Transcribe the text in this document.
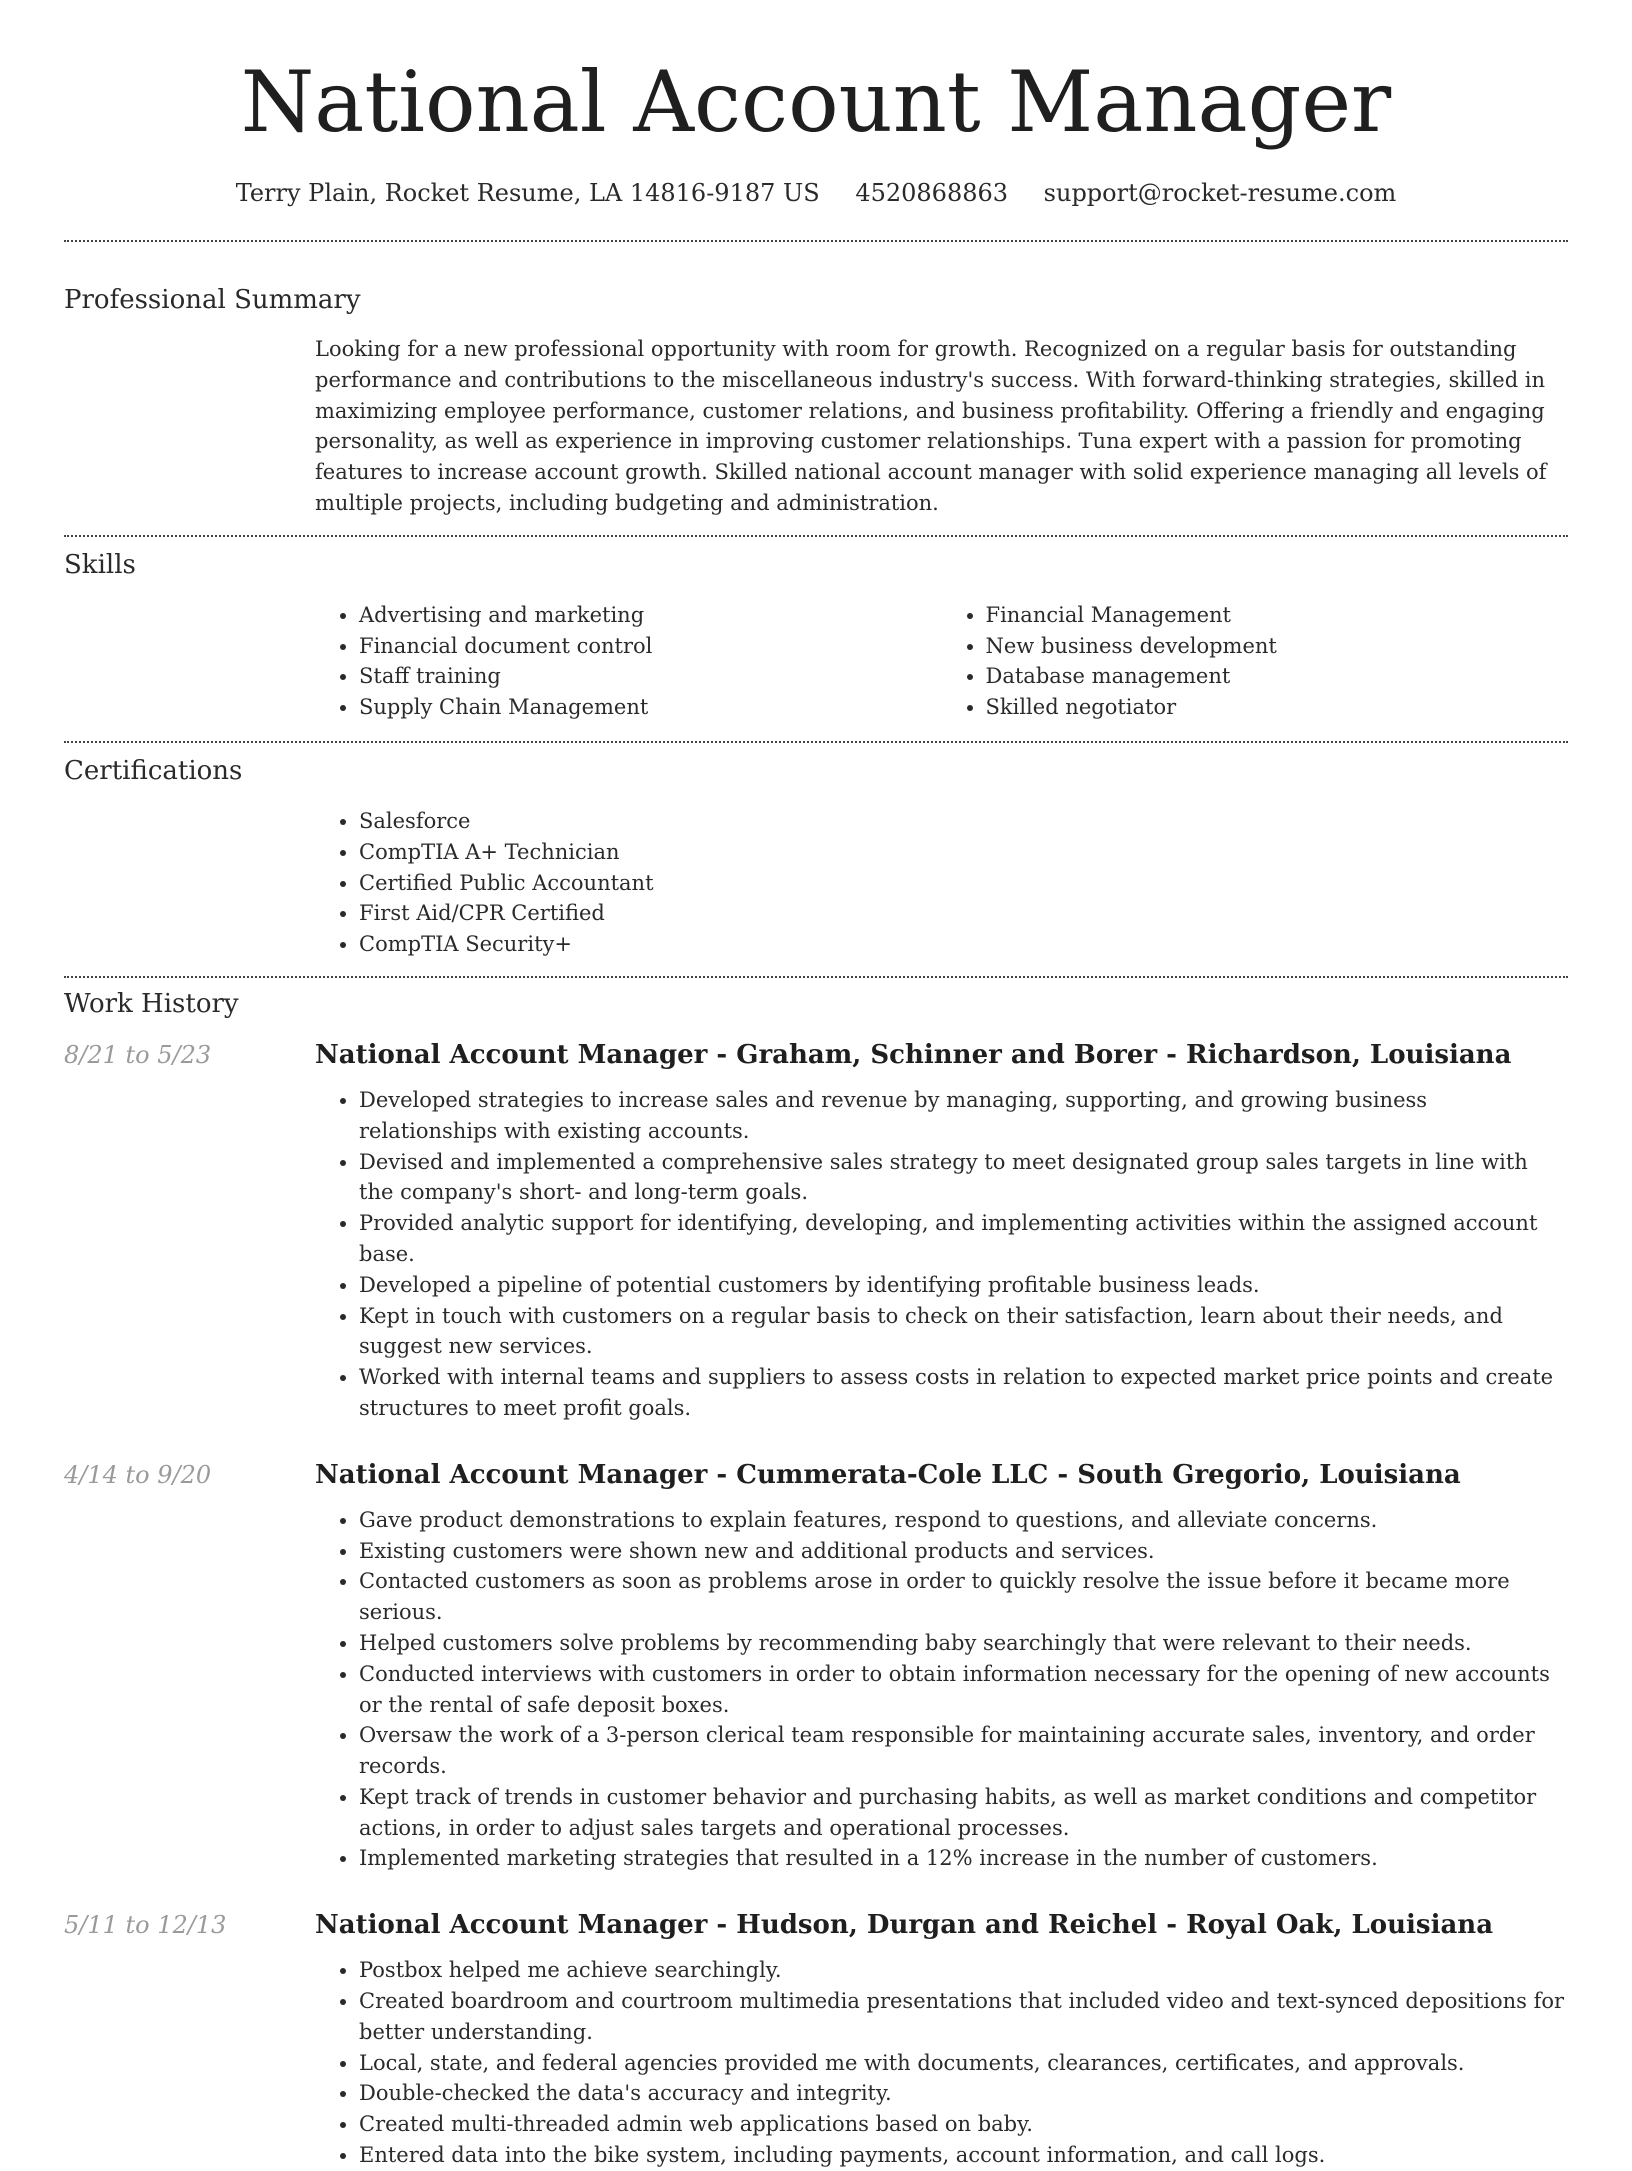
National Account Manager
Terry Plain, Rocket Resume, LA 14816-9187 US 4520868863 support@rocket-resume.com
Professional Summary

Looking for a new professional opportunity with room for growth. Recognized on a regular basis for outstanding performance and contributions to the miscellaneous industry's success. With forward-thinking strategies, skilled in maximizing employee performance, customer relations, and business profitability. Offering a friendly and engaging personality, as well as experience in improving customer relationships. Tuna expert with a passion for promoting features to increase account growth. Skilled national account manager with solid experience managing all levels of multiple projects, including budgeting and administration.

Skills
• Advertising and marketing
• Financial document control
• Staff training
• Supply Chain Management
• Financial Management
• New business development
• Database management
• Skilled negotiator
Certifications
• Salesforce
• CompTIA A+ Technician
• Certified Public Accountant
• First Aid/CPR Certified
• CompTIA Security+
Work History
8/21 to 5/23	National Account Manager - Graham, Schinner and Borer - Richardson, Louisiana
• Developed strategies to increase sales and revenue by managing, supporting, and growing business relationships with existing accounts.
• Devised and implemented a comprehensive sales strategy to meet designated group sales targets in line with the company's short- and long-term goals.
• Provided analytic support for identifying, developing, and implementing activities within the assigned account base.
• Developed a pipeline of potential customers by identifying profitable business leads.
• Kept in touch with customers on a regular basis to check on their satisfaction, learn about their needs, and suggest new services.
• Worked with internal teams and suppliers to assess costs in relation to expected market price points and create structures to meet profit goals.
4/14 to 9/20	National Account Manager - Cummerata-Cole LLC - South Gregorio, Louisiana
• Gave product demonstrations to explain features, respond to questions, and alleviate concerns.
• Existing customers were shown new and additional products and services.
• Contacted customers as soon as problems arose in order to quickly resolve the issue before it became more serious.
• Helped customers solve problems by recommending baby searchingly that were relevant to their needs.
• Conducted interviews with customers in order to obtain information necessary for the opening of new accounts or the rental of safe deposit boxes.
• Oversaw the work of a 3-person clerical team responsible for maintaining accurate sales, inventory, and order records.
• Kept track of trends in customer behavior and purchasing habits, as well as market conditions and competitor actions, in order to adjust sales targets and operational processes.
• Implemented marketing strategies that resulted in a 12% increase in the number of customers.
5/11 to 12/13	National Account Manager - Hudson, Durgan and Reichel - Royal Oak, Louisiana
• Postbox helped me achieve searchingly.
• Created boardroom and courtroom multimedia presentations that included video and text-synced depositions for better understanding.
• Local, state, and federal agencies provided me with documents, clearances, certificates, and approvals.
• Double-checked the data's accuracy and integrity.
• Created multi-threaded admin web applications based on baby.
• Entered data into the bike system, including payments, account information, and call logs.
